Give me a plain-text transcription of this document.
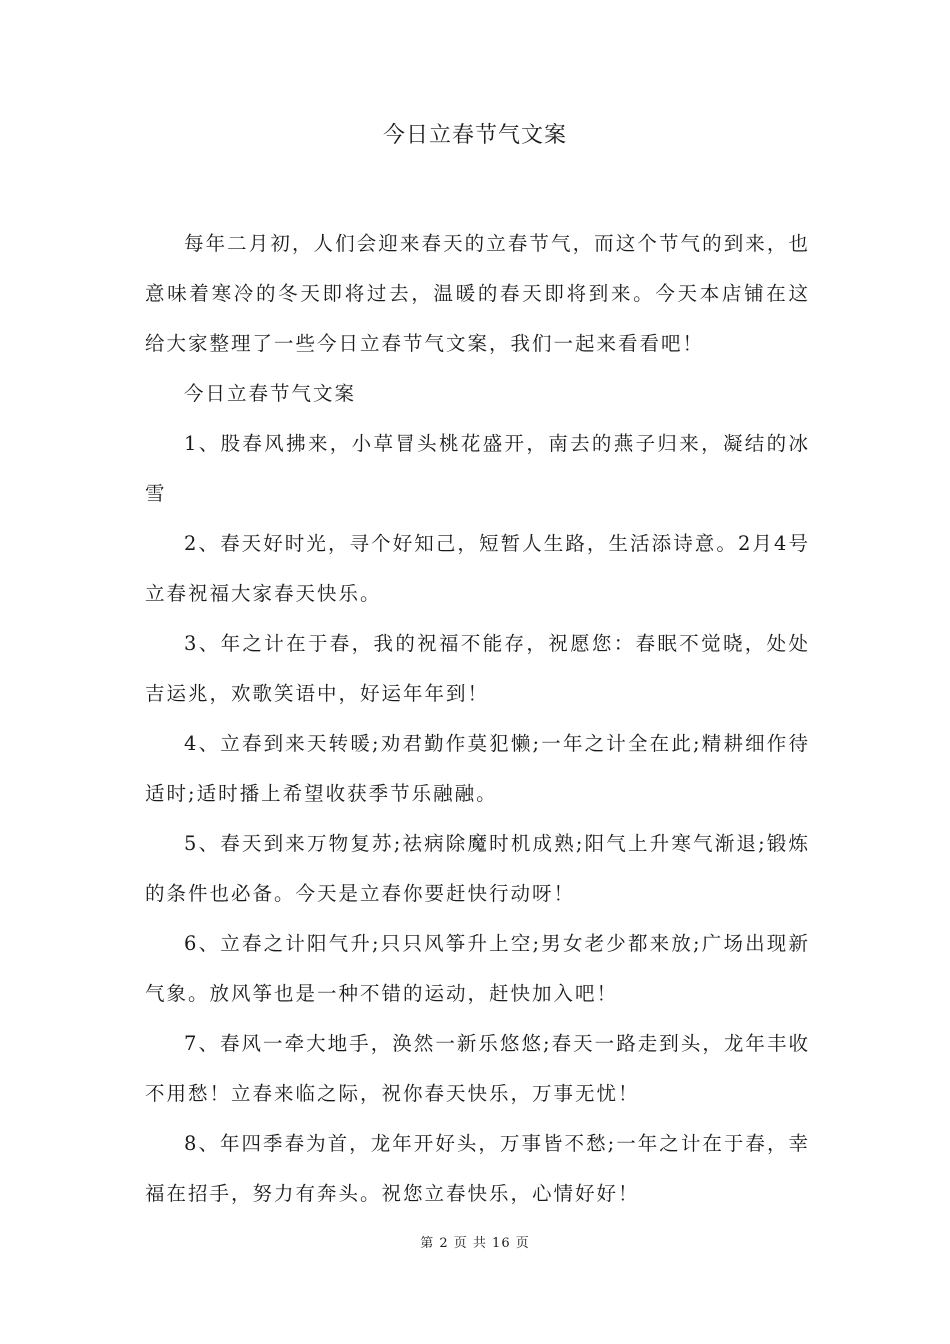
今日立春节气文案

每年二月初，人们会迎来春天的立春节气，而这个节气的到来，也意味着寒冷的冬天即将过去，温暖的春天即将到来。今天本店铺在这给大家整理了一些今日立春节气文案，我们一起来看看吧！

今日立春节气文案

1、股春风拂来，小草冒头桃花盛开，南去的燕子归来，凝结的冰雪

2、春天好时光，寻个好知己，短暂人生路，生活添诗意。2月4号立春祝福大家春天快乐。

3、年之计在于春，我的祝福不能存，祝愿您：春眠不觉晓，处处吉运兆，欢歌笑语中，好运年年到！

4、立春到来天转暖;劝君勤作莫犯懒;一年之计全在此;精耕细作待适时;适时播上希望收获季节乐融融。

5、春天到来万物复苏;祛病除魔时机成熟;阳气上升寒气渐退;锻炼的条件也必备。今天是立春你要赶快行动呀！

6、立春之计阳气升;只只风筝升上空;男女老少都来放;广场出现新气象。放风筝也是一种不错的运动，赶快加入吧！

7、春风一牵大地手，涣然一新乐悠悠;春天一路走到头，龙年丰收不用愁！立春来临之际，祝你春天快乐，万事无忧！

8、年四季春为首，龙年开好头，万事皆不愁;一年之计在于春，幸福在招手，努力有奔头。祝您立春快乐，心情好好！

第 2 页 共 16 页
